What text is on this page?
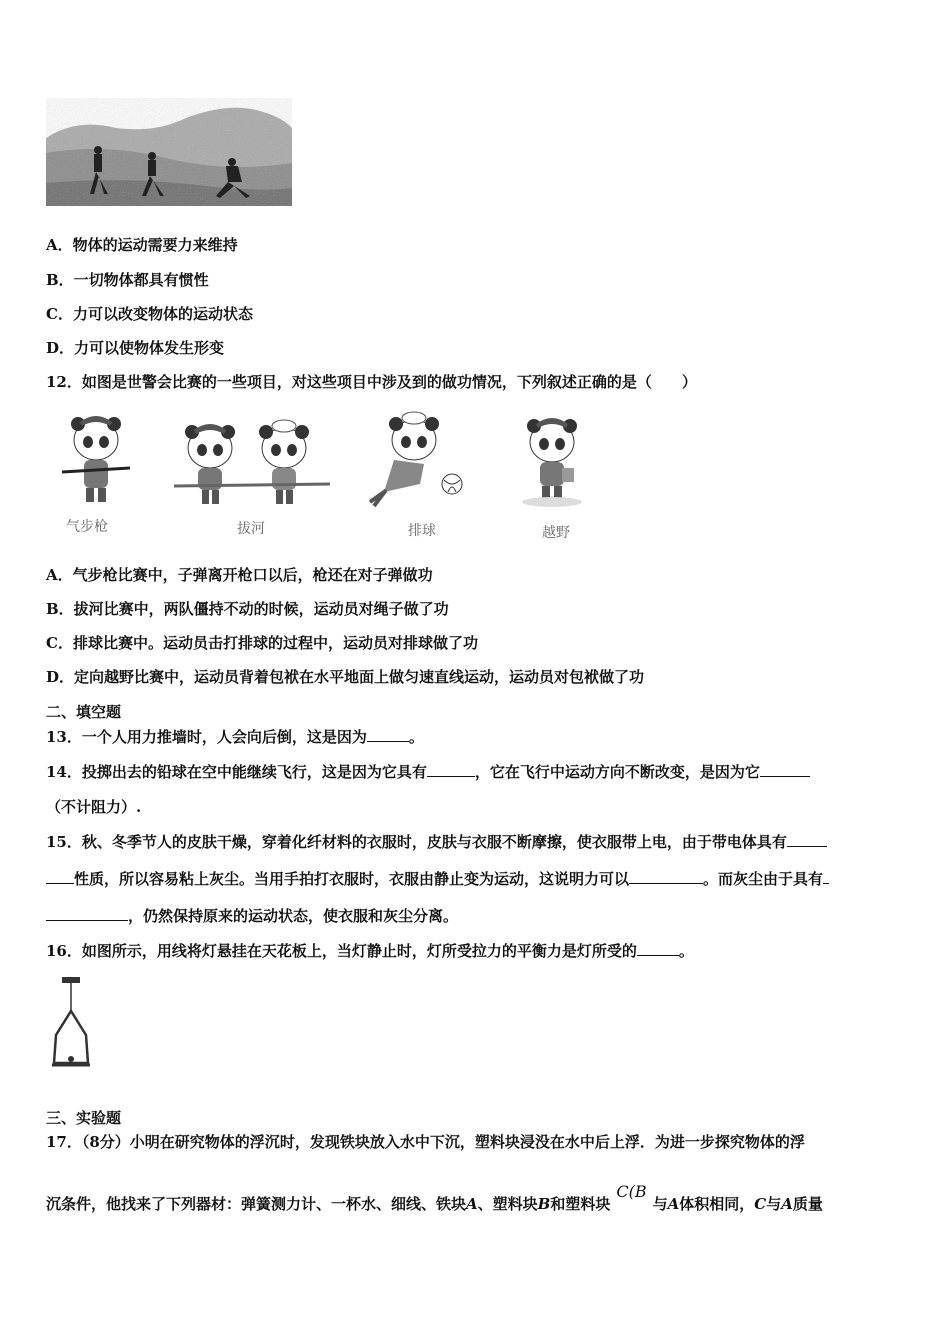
A．物体的运动需要力来维持
B．一切物体都具有惯性
C．力可以改变物体的运动状态
D．力可以使物体发生形变
12．如图是世警会比赛的一些项目，对这些项目中涉及到的做功情况，下列叙述正确的是（　　）
气步枪	拔河	排球	越野
A．气步枪比赛中，子弹离开枪口以后，枪还在对子弹做功
B．拔河比赛中，两队僵持不动的时候，运动员对绳子做了功
C．排球比赛中。运动员击打排球的过程中，运动员对排球做了功
D．定向越野比赛中，运动员背着包袱在水平地面上做匀速直线运动，运动员对包袱做了功
二、填空题
13．一个人用力推墙时，人会向后倒，这是因为	。
14．投掷出去的铅球在空中能继续飞行，这是因为它具有	，它在飞行中运动方向不断改变，是因为它
（不计阻力）.
15．秋、冬季节人的皮肤干燥，穿着化纤材料的衣服时，皮肤与衣服不断摩擦，使衣服带上电，由于带电体具有
性质，所以容易粘上灰尘。当用手拍打衣服时，衣服由静止变为运动，这说明力可以	。而灰尘由于具有
，仍然保持原来的运动状态，使衣服和灰尘分离。
16．如图所示，用线将灯悬挂在天花板上，当灯静止时，灯所受拉力的平衡力是灯所受的	。
三、实验题
17．（8分）小明在研究物体的浮沉时，发现铁块放入水中下沉，塑料块浸没在水中后上浮．为进一步探究物体的浮
沉条件，他找来了下列器材：弹簧测力计、一杯水、细线、铁块A、塑料块B和塑料块C(B与A体积相同，C与A质量
